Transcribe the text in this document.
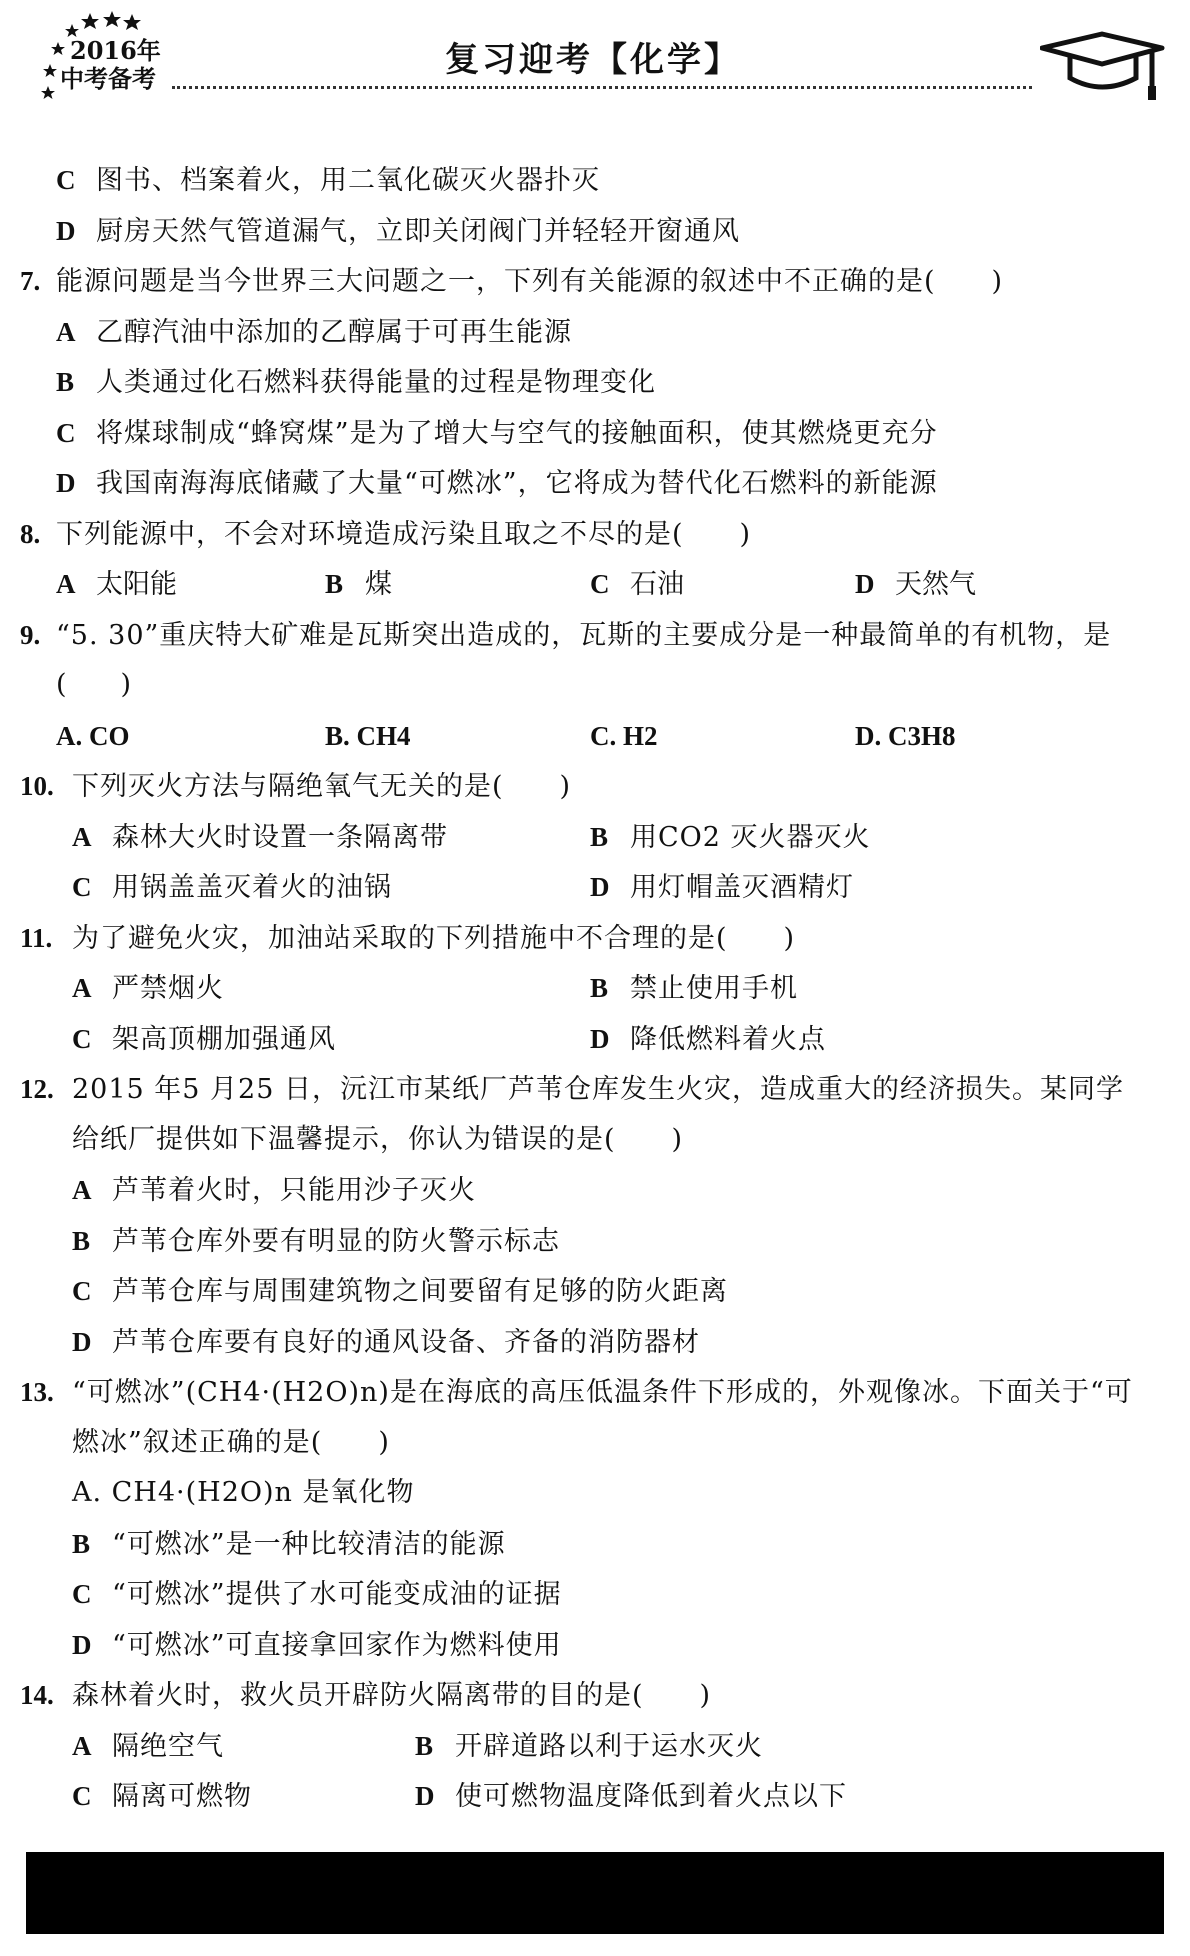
2016年
中考备考	复习迎考【化学】
C 图书、档案着火，用二氧化碳灭火器扑灭
D 厨房天然气管道漏气，立即关闭阀门并轻轻开窗通风
7. 能源问题是当今世界三大问题之一，下列有关能源的叙述中不正确的是(　　)
A 乙醇汽油中添加的乙醇属于可再生能源
B 人类通过化石燃料获得能量的过程是物理变化
C 将煤球制成“蜂窝煤”是为了增大与空气的接触面积，使其燃烧更充分
D 我国南海海底储藏了大量“可燃冰”，它将成为替代化石燃料的新能源
8. 下列能源中，不会对环境造成污染且取之不尽的是(　　)
A 太阳能	B 煤	C 石油	D 天然气
9. “5. 30”重庆特大矿难是瓦斯突出造成的，瓦斯的主要成分是一种最简单的有机物，是
(　　)
A. CO	B. CH4	C. H2	D. C3H8
10. 下列灭火方法与隔绝氧气无关的是(　　)
A 森林大火时设置一条隔离带	B 用CO2 灭火器灭火
C 用锅盖盖灭着火的油锅	D 用灯帽盖灭酒精灯
11. 为了避免火灾，加油站采取的下列措施中不合理的是(　　)
A 严禁烟火	B 禁止使用手机
C 架高顶棚加强通风	D 降低燃料着火点
12. 2015 年5 月25 日，沅江市某纸厂芦苇仓库发生火灾，造成重大的经济损失。某同学
给纸厂提供如下温馨提示，你认为错误的是(　　)
A 芦苇着火时，只能用沙子灭火
B 芦苇仓库外要有明显的防火警示标志
C 芦苇仓库与周围建筑物之间要留有足够的防火距离
D 芦苇仓库要有良好的通风设备、齐备的消防器材
13. “可燃冰”(CH4·(H2O)n)是在海底的高压低温条件下形成的，外观像冰。下面关于“可
燃冰”叙述正确的是(　　)
A. CH4·(H2O)n 是氧化物
B “可燃冰”是一种比较清洁的能源
C “可燃冰”提供了水可能变成油的证据
D “可燃冰”可直接拿回家作为燃料使用
14. 森林着火时，救火员开辟防火隔离带的目的是(　　)
A 隔绝空气	B 开辟道路以利于运水灭火
C 隔离可燃物	D 使可燃物温度降低到着火点以下
